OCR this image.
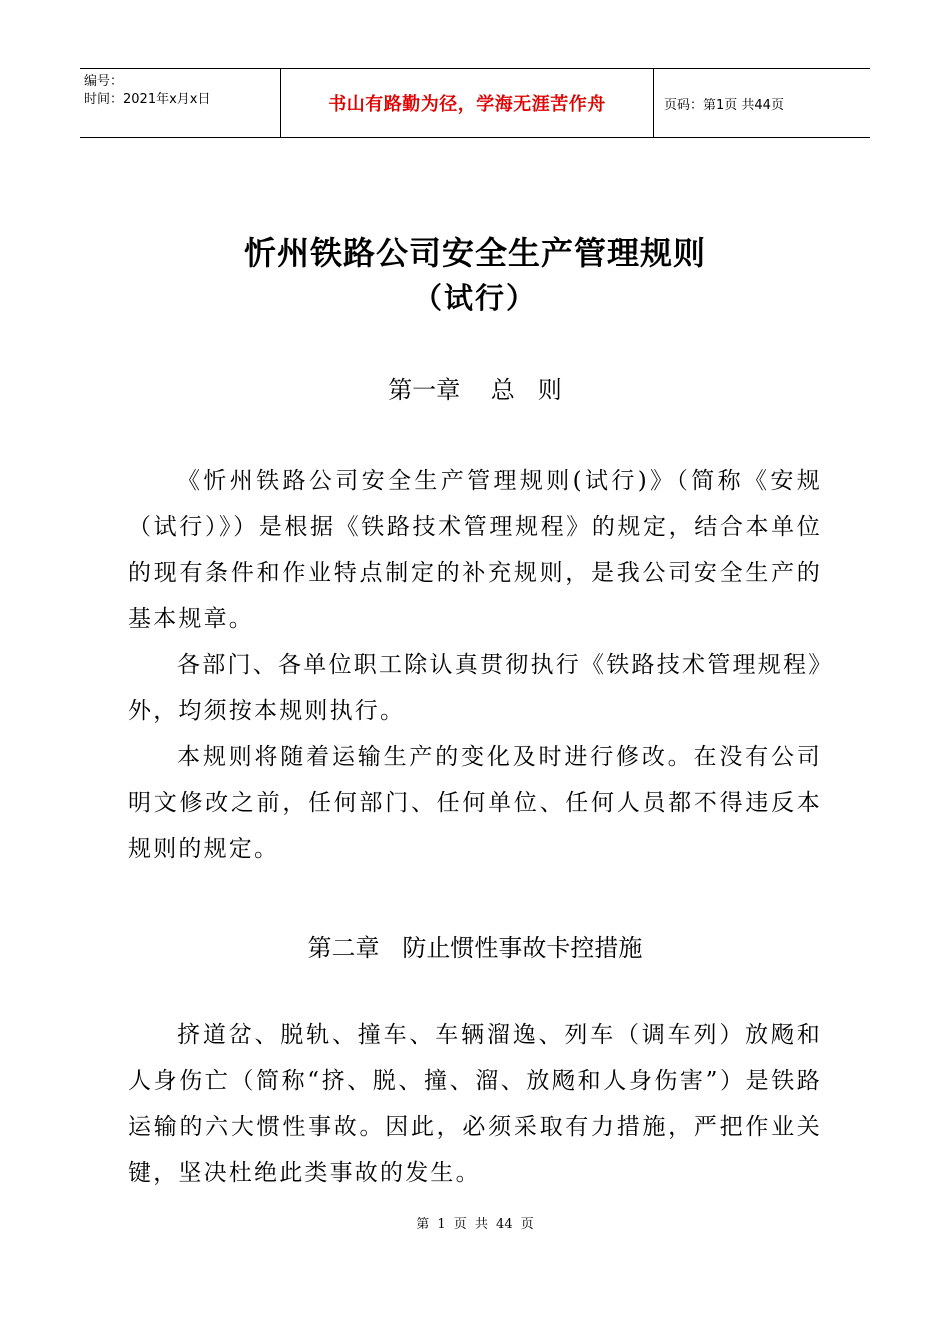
编号：
时间：2021年x月x日	书山有路勤为径，学海无涯苦作舟	页码：第1页 共44页
忻州铁路公司安全生产管理规则
（试行）
第一章    总   则
《忻州铁路公司安全生产管理规则(试行)》（简称《安规（试行）》）是根据《铁路技术管理规程》的规定，结合本单位的现有条件和作业特点制定的补充规则，是我公司安全生产的基本规章。
各部门、各单位职工除认真贯彻执行《铁路技术管理规程》外，均须按本规则执行。
本规则将随着运输生产的变化及时进行修改。在没有公司明文修改之前，任何部门、任何单位、任何人员都不得违反本规则的规定。
第二章   防止惯性事故卡控措施
挤道岔、脱轨、撞车、车辆溜逸、列车（调车列）放飏和人身伤亡（简称“挤、脱、撞、溜、放飏和人身伤害”）是铁路运输的六大惯性事故。因此，必须采取有力措施，严把作业关键，坚决杜绝此类事故的发生。
第 1 页 共 44 页
